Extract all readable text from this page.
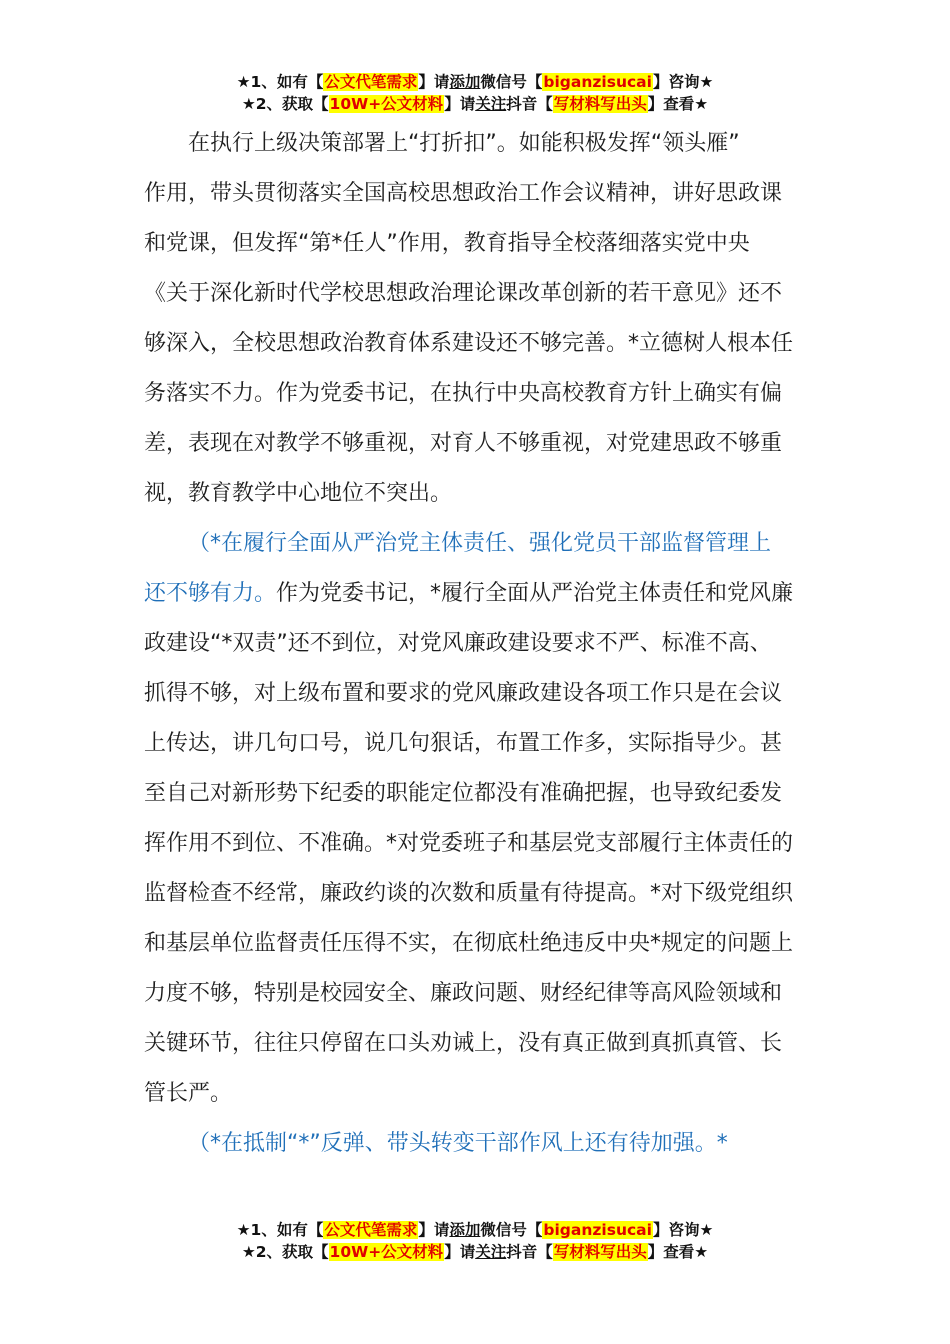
★1、如有【公文代笔需求】请添加微信号【biganzisucai】咨询★
★2、获取【10W+公文材料】请关注抖音【写材料写出头】查看★

在执行上级决策部署上“打折扣”。如能积极发挥“领头雁”
作用，带头贯彻落实全国高校思想政治工作会议精神，讲好思政课
和党课，但发挥“第*任人”作用，教育指导全校落细落实党中央
《关于深化新时代学校思想政治理论课改革创新的若干意见》还不
够深入，全校思想政治教育体系建设还不够完善。*立德树人根本任
务落实不力。作为党委书记，在执行中央高校教育方针上确实有偏
差，表现在对教学不够重视，对育人不够重视，对党建思政不够重
视，教育教学中心地位不突出。

（*在履行全面从严治党主体责任、强化党员干部监督管理上
还不够有力。作为党委书记，*履行全面从严治党主体责任和党风廉
政建设“*双责”还不到位，对党风廉政建设要求不严、标准不高、
抓得不够，对上级布置和要求的党风廉政建设各项工作只是在会议
上传达，讲几句口号，说几句狠话，布置工作多，实际指导少。甚
至自己对新形势下纪委的职能定位都没有准确把握，也导致纪委发
挥作用不到位、不准确。*对党委班子和基层党支部履行主体责任的
监督检查不经常，廉政约谈的次数和质量有待提高。*对下级党组织
和基层单位监督责任压得不实，在彻底杜绝违反中央*规定的问题上
力度不够，特别是校园安全、廉政问题、财经纪律等高风险领域和
关键环节，往往只停留在口头劝诫上，没有真正做到真抓真管、长
管长严。

（*在抵制“*”反弹、带头转变干部作风上还有待加强。*

★1、如有【公文代笔需求】请添加微信号【biganzisucai】咨询★
★2、获取【10W+公文材料】请关注抖音【写材料写出头】查看★
